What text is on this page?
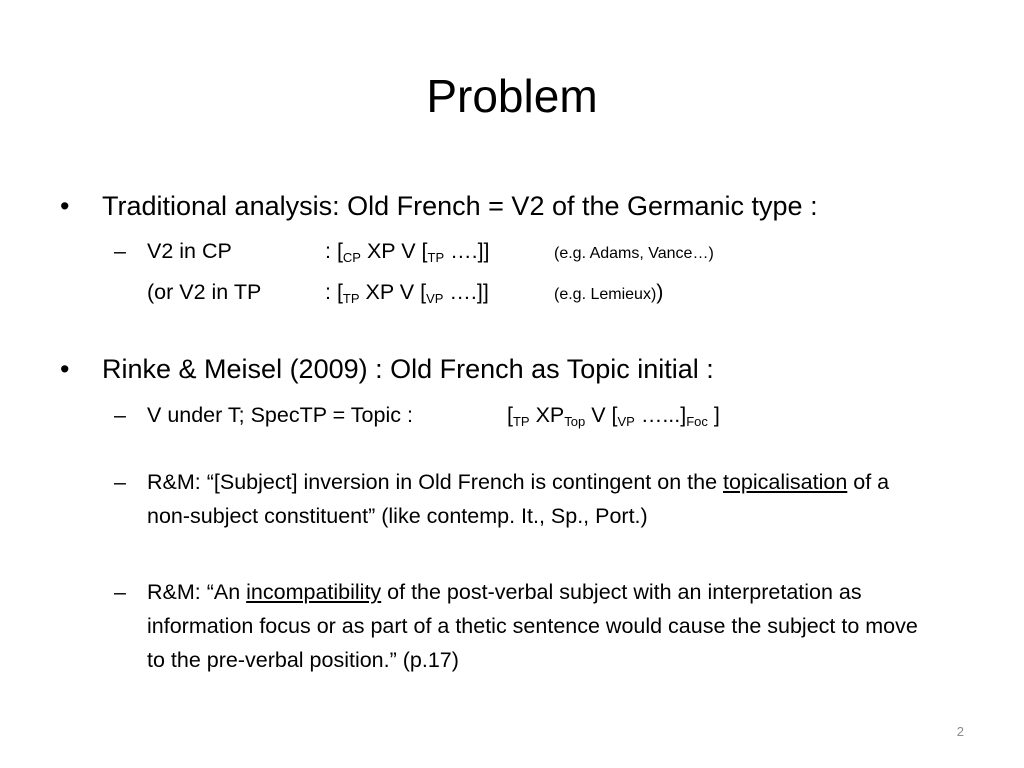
Problem
• Traditional analysis: Old French = V2 of the Germanic type :
– V2 in CP	: [$_{CP}$ XP V [$_{TP}$ ….]]	(e.g. Adams, Vance…)
(or V2 in TP	: [$_{TP}$ XP V [$_{VP}$ ….]]	(e.g. Lemieux))
• Rinke & Meisel (2009) : Old French as Topic initial :
– V under T; SpecTP = Topic :	[$_{TP}$ $XP_{Top}$ V [$_{VP}$ $\dots...]_{Foc}$ ]
– R&M: “[Subject] inversion in Old French is contingent on the topicalisation of a non-subject constituent” (like contemp. It., Sp., Port.)
– R&M: “An incompatibility of the post-verbal subject with an interpretation as information focus or as part of a thetic sentence would cause the subject to move to the pre-verbal position.” (p.17)
2
